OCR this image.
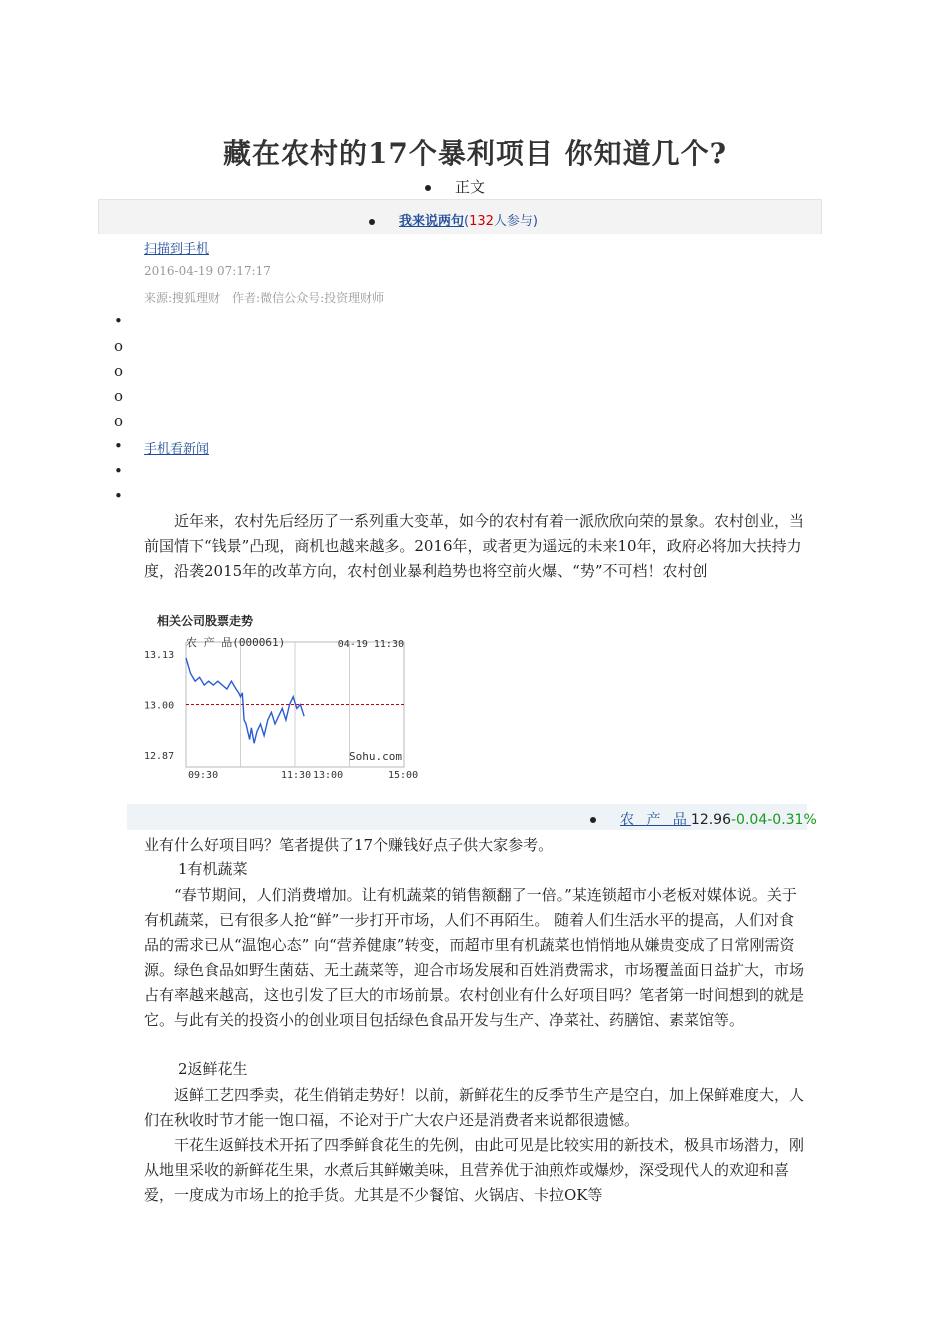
藏在农村的17个暴利项目 你知道几个?
正文
我来说两句(132人参与)
扫描到手机
2016-04-19 07:17:17
来源:搜狐理财　作者:微信公众号:投资理财师
•
o
o
o
o
• 手机看新闻
•
•

近年来，农村先后经历了一系列重大变革，如今的农村有着一派欣欣向荣的景象。农村创业，当前国情下“钱景”凸现，商机也越来越多。2016年，或者更为遥远的未来10年，政府必将加大扶持力度，沿袭2015年的改革方向，农村创业暴利趋势也将空前火爆、“势”不可档！农村创

相关公司股票走势
农 产 品(000061)	04-19 11:30
Sohu.com
13.13
13.00
12.87
09:30	11:30 13:00	15:00
农 产 品12.96-0.04-0.31%

业有什么好项目吗？笔者提供了17个赚钱好点子供大家参考。

1有机蔬菜

“春节期间，人们消费增加。让有机蔬菜的销售额翻了一倍。”某连锁超市小老板对媒体说。关于有机蔬菜，已有很多人抢“鲜”一步打开市场，人们不再陌生。 随着人们生活水平的提高，人们对食品的需求已从“温饱心态” 向“营养健康”转变，而超市里有机蔬菜也悄悄地从嫌贵变成了日常刚需资源。绿色食品如野生菌菇、无土蔬菜等，迎合市场发展和百姓消费需求，市场覆盖面日益扩大，市场占有率越来越高，这也引发了巨大的市场前景。农村创业有什么好项目吗？笔者第一时间想到的就是它。与此有关的投资小的创业项目包括绿色食品开发与生产、净菜社、药膳馆、素菜馆等。

2返鲜花生

返鲜工艺四季卖，花生俏销走势好！以前，新鲜花生的反季节生产是空白，加上保鲜难度大，人们在秋收时节才能一饱口福，不论对于广大农户还是消费者来说都很遗憾。

干花生返鲜技术开拓了四季鲜食花生的先例，由此可见是比较实用的新技术，极具市场潜力，刚从地里采收的新鲜花生果，水煮后其鲜嫩美味，且营养优于油煎炸或爆炒，深受现代人的欢迎和喜爱，一度成为市场上的抢手货。尤其是不少餐馆、火锅店、卡拉OK等
